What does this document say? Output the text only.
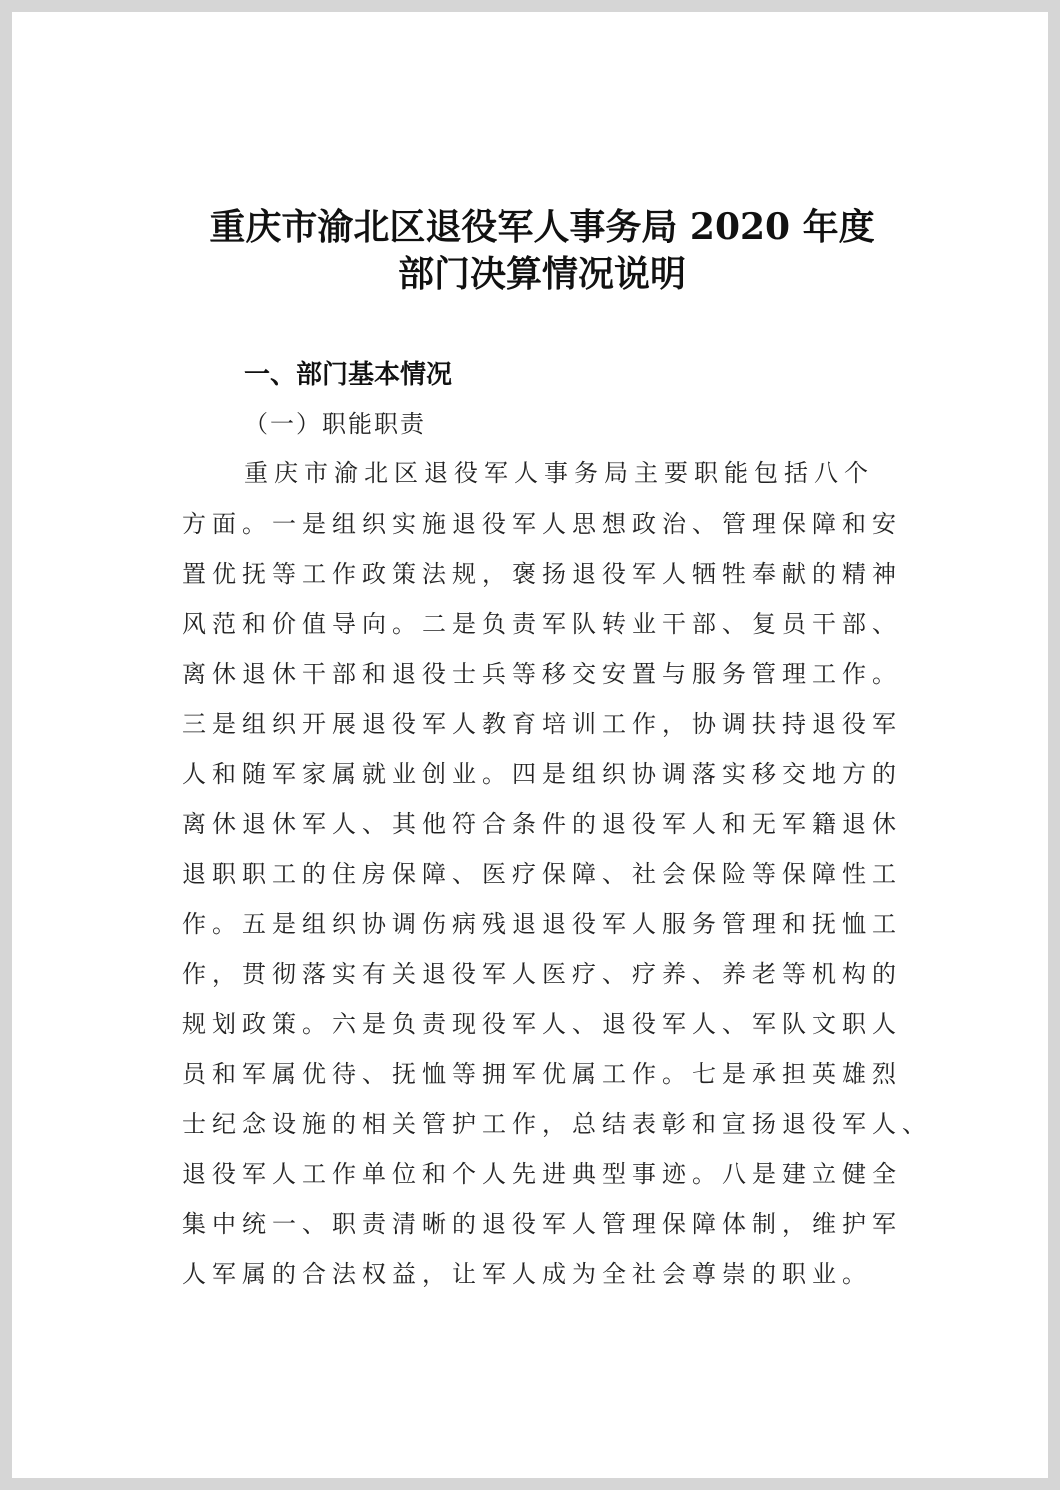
重庆市渝北区退役军人事务局 2020 年度
部门决算情况说明
一、部门基本情况
（一）职能职责
重庆市渝北区退役军人事务局主要职能包括八个
方面。一是组织实施退役军人思想政治、管理保障和安
置优抚等工作政策法规，褒扬退役军人牺牲奉献的精神
风范和价值导向。二是负责军队转业干部、复员干部、
离休退休干部和退役士兵等移交安置与服务管理工作。
三是组织开展退役军人教育培训工作，协调扶持退役军
人和随军家属就业创业。四是组织协调落实移交地方的
离休退休军人、其他符合条件的退役军人和无军籍退休
退职职工的住房保障、医疗保障、社会保险等保障性工
作。五是组织协调伤病残退退役军人服务管理和抚恤工
作，贯彻落实有关退役军人医疗、疗养、养老等机构的
规划政策。六是负责现役军人、退役军人、军队文职人
员和军属优待、抚恤等拥军优属工作。七是承担英雄烈
士纪念设施的相关管护工作，总结表彰和宣扬退役军人、
退役军人工作单位和个人先进典型事迹。八是建立健全
集中统一、职责清晰的退役军人管理保障体制，维护军
人军属的合法权益，让军人成为全社会尊崇的职业。
